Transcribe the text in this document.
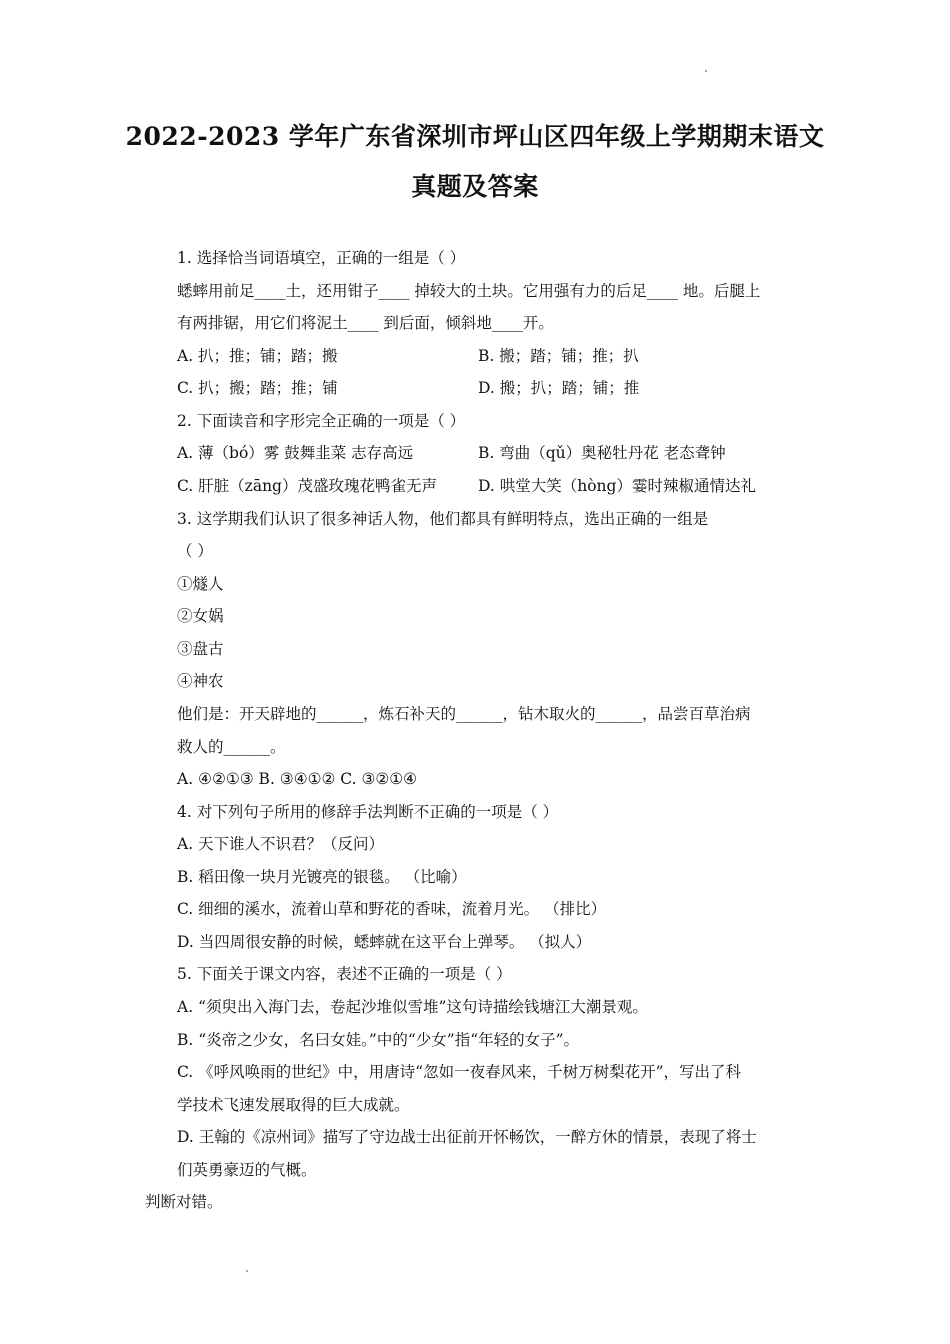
2022-2023 学年广东省深圳市坪山区四年级上学期期末语文
真题及答案
1. 选择恰当词语填空，正确的一组是（ ）
蟋蟀用前足____土，还用钳子____ 掉较大的土块。它用强有力的后足____ 地。后腿上
有两排锯，用它们将泥土____ 到后面，倾斜地____开。
A. 扒；推；铺；踏；搬	B. 搬；踏；铺；推；扒
C. 扒；搬；踏；推；铺	D. 搬；扒；踏；铺；推
2. 下面读音和字形完全正确的一项是（ ）
A. 薄（bó）雾 鼓舞韭菜 志存高远	B. 弯曲（qǔ）奥秘牡丹花 老态聋钟
C. 肝脏（zāng）茂盛玫瑰花鸭雀无声	D. 哄堂大笑（hòng）霎时辣椒通情达礼
3. 这学期我们认识了很多神话人物，他们都具有鲜明特点，选出正确的一组是
（ ）
①燧人
②女娲
③盘古
④神农
他们是：开天辟地的______，炼石补天的______，钻木取火的______，品尝百草治病
救人的______。
A. ④②①③ B. ③④①② C. ③②①④
4. 对下列句子所用的修辞手法判断不正确的一项是（ ）
A. 天下谁人不识君？（反问）
B. 稻田像一块月光镀亮的银毯。 （比喻）
C. 细细的溪水，流着山草和野花的香味，流着月光。 （排比）
D. 当四周很安静的时候，蟋蟀就在这平台上弹琴。 （拟人）
5. 下面关于课文内容，表述不正确的一项是（ ）
A. “须臾出入海门去，卷起沙堆似雪堆”这句诗描绘钱塘江大潮景观。
B. “炎帝之少女，名曰女娃。”中的“少女”指“年轻的女子”。
C. 《呼风唤雨的世纪》中，用唐诗“忽如一夜春风来，千树万树梨花开”，写出了科
学技术飞速发展取得的巨大成就。
D. 王翰的《凉州词》描写了守边战士出征前开怀畅饮，一醉方休的情景，表现了将士
们英勇豪迈的气概。
判断对错。
